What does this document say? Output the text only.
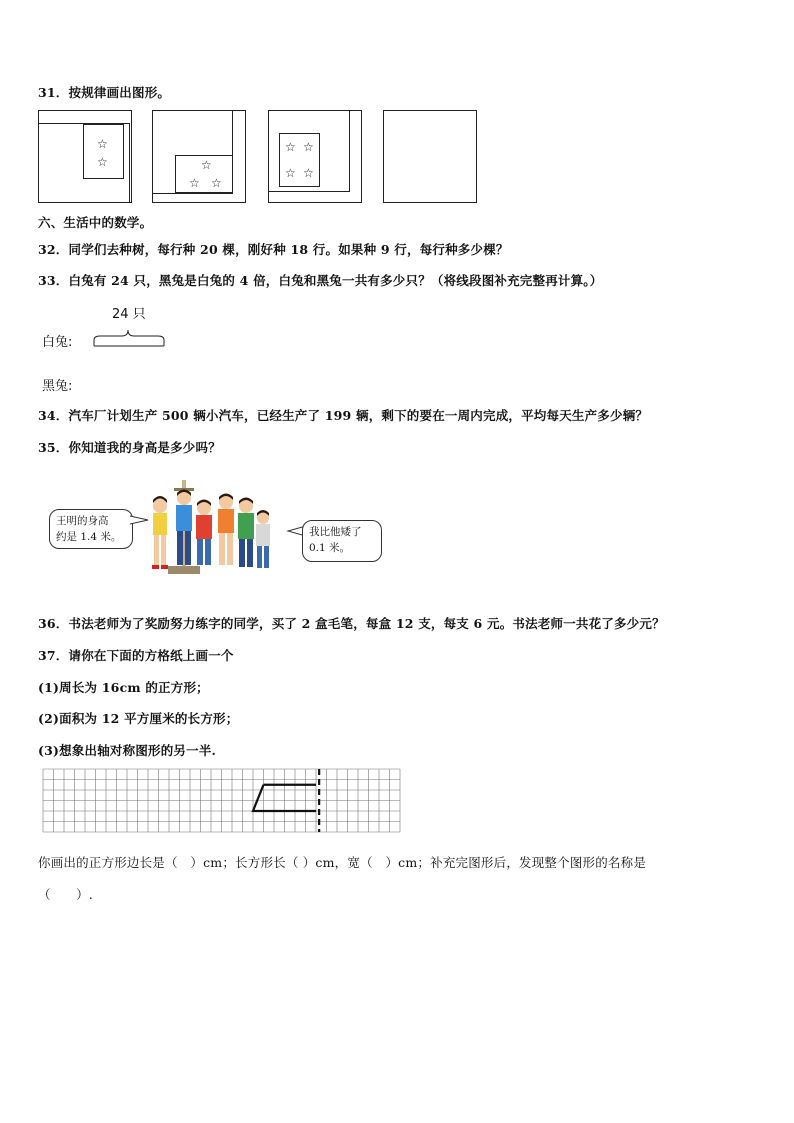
31．按规律画出图形。
☆
☆	☆
☆ ☆
☆ ☆
☆ ☆
六、生活中的数学。
32．同学们去种树，每行种 20 棵，刚好种 18 行。如果种 9 行，每行种多少棵？
33．白兔有 24 只，黑兔是白兔的 4 倍，白兔和黑兔一共有多少只？（将线段图补充完整再计算。）
24 只
白兔:
黑兔:
34．汽车厂计划生产 500 辆小汽车，已经生产了 199 辆，剩下的要在一周内完成，平均每天生产多少辆？
35．你知道我的身高是多少吗？
王明的身高
约是 1.4 米。	我比他矮了
0.1 米。
36．书法老师为了奖励努力练字的同学，买了 2 盒毛笔，每盒 12 支，每支 6 元。书法老师一共花了多少元？
37．请你在下面的方格纸上画一个
(1)周长为 16cm 的正方形；
(2)面积为 12 平方厘米的长方形；
(3)想象出轴对称图形的另一半.
你画出的正方形边长是（　）cm；长方形长（ ）cm，宽（　）cm；补充完图形后，发现整个图形的名称是
（　　）.
